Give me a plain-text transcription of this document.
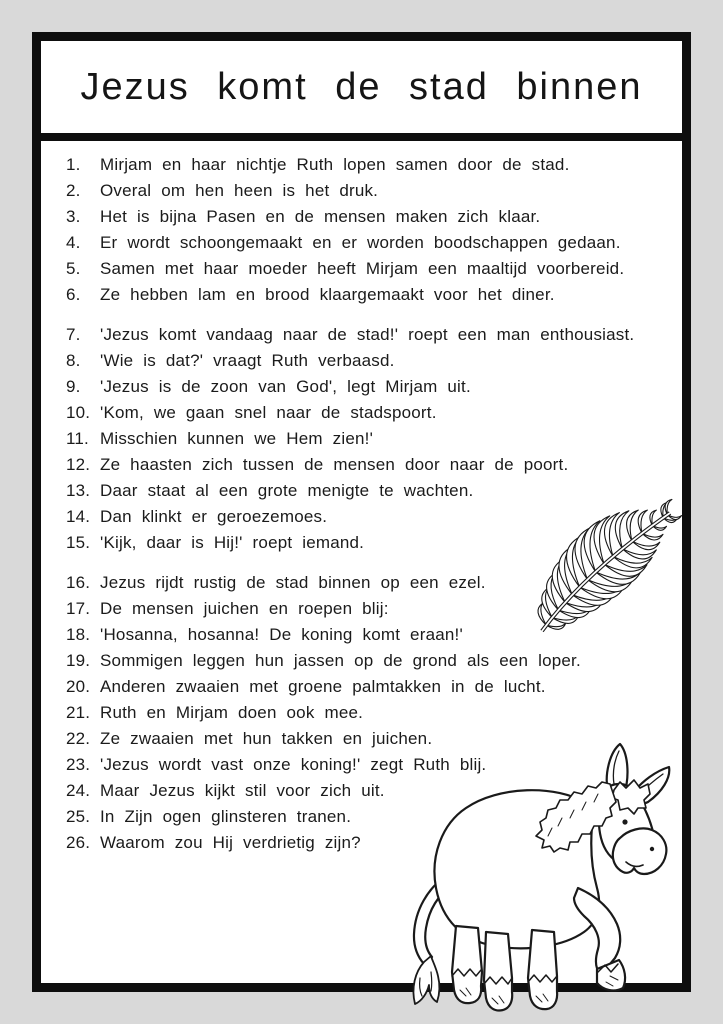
Jezus komt de stad binnen
1.	Mirjam en haar nichtje Ruth lopen samen door de stad.
2.	Overal om hen heen is het druk.
3.	Het is bijna Pasen en de mensen maken zich klaar.
4.	Er wordt schoongemaakt en er worden boodschappen gedaan.
5.	Samen met haar moeder heeft Mirjam een maaltijd voorbereid.
6.	Ze hebben lam en brood klaargemaakt voor het diner.
7.	'Jezus komt vandaag naar de stad!' roept een man enthousiast.
8.	'Wie is dat?' vraagt Ruth verbaasd.
9.	'Jezus is de zoon van God', legt Mirjam uit.
10. 'Kom, we gaan snel naar de stadspoort.
11. Misschien kunnen we Hem zien!'
12. Ze haasten zich tussen de mensen door naar de poort.
13. Daar staat al een grote menigte te wachten.
14. Dan klinkt er geroezemoes.
15. 'Kijk, daar is Hij!' roept iemand.
16. Jezus rijdt rustig de stad binnen op een ezel.
17. De mensen juichen en roepen blij:
18. 'Hosanna, hosanna! De koning komt eraan!'
19. Sommigen leggen hun jassen op de grond als een loper.
20. Anderen zwaaien met groene palmtakken in de lucht.
21. Ruth en Mirjam doen ook mee.
22. Ze zwaaien met hun takken en juichen.
23. 'Jezus wordt vast onze koning!' zegt Ruth blij.
24. Maar Jezus kijkt stil voor zich uit.
25. In Zijn ogen glinsteren tranen.
26. Waarom zou Hij verdrietig zijn?
